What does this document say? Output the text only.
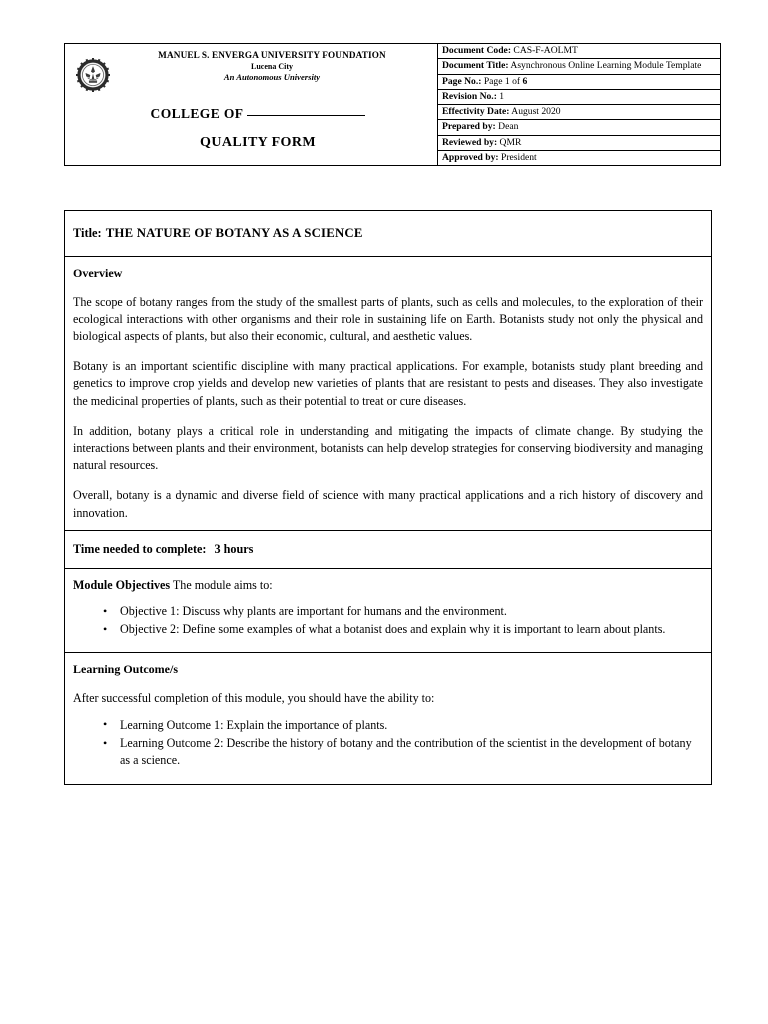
MANUEL S. ENVERGA UNIVERSITY FOUNDATION
Lucena City
An Autonomous University
COLLEGE OF
QUALITY FORM

Document Code: CAS-F-AOLMT
Document Title: Asynchronous Online Learning Module Template
Page No.: Page 1 of 6
Revision No.: 1
Effectivity Date: August 2020
Prepared by: Dean
Reviewed by: QMR
Approved by: President
Title: THE NATURE OF BOTANY AS A SCIENCE
Overview

The scope of botany ranges from the study of the smallest parts of plants, such as cells and molecules, to the exploration of their ecological interactions with other organisms and their role in sustaining life on Earth. Botanists study not only the physical and biological aspects of plants, but also their economic, cultural, and aesthetic values.

Botany is an important scientific discipline with many practical applications. For example, botanists study plant breeding and genetics to improve crop yields and develop new varieties of plants that are resistant to pests and diseases. They also investigate the medicinal properties of plants, such as their potential to treat or cure diseases.

In addition, botany plays a critical role in understanding and mitigating the impacts of climate change. By studying the interactions between plants and their environment, botanists can help develop strategies for conserving biodiversity and managing natural resources.

Overall, botany is a dynamic and diverse field of science with many practical applications and a rich history of discovery and innovation.

Time needed to complete: 3 hours
Module Objectives The module aims to:
• Objective 1: Discuss why plants are important for humans and the environment.
• Objective 2: Define some examples of what a botanist does and explain why it is important to learn about plants.
Learning Outcome/s
After successful completion of this module, you should have the ability to:
• Learning Outcome 1: Explain the importance of plants.
• Learning Outcome 2: Describe the history of botany and the contribution of the scientist in the development of botany as a science.
